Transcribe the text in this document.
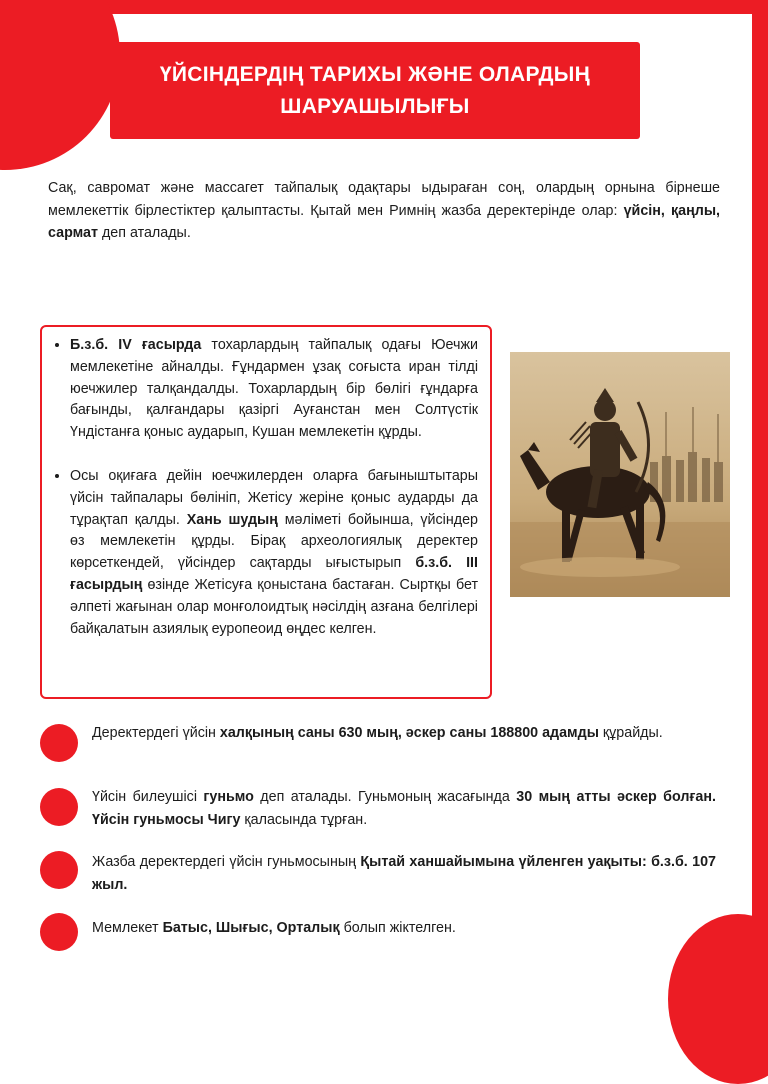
ҮЙСІНДЕРДІҢ ТАРИХЫ ЖӘНЕ ОЛАРДЫҢ
ШАРУАШЫЛЫҒЫ

Сақ, савромат және массагет тайпалық одақтары ыдыраған соң, олардың орнына бірнеше мемлекеттік бірлестіктер қалыптасты. Қытай мен Римнің жазба деректерінде олар: үйсін, қаңлы, сармат деп аталады.

• Б.з.б. IV ғасырда тохарлардың тайпалық одағы Юечжи мемлекетіне айналды. Ғұндармен ұзақ соғыста иран тілді юечжилер талқандалды. Тохарлардың бір бөлігі ғұндарға бағынды, қалғандары қазіргі Ауғанстан мен Солтүстік Үндістанға қоныс аударып, Кушан мемлекетін құрды.
• Осы оқиғаға дейін юечжилерден оларға бағыныштытары үйсін тайпалары бөлініп, Жетісу жеріне қоныс аударды да тұрақтап қалды. Хань шудың мәліметі бойынша, үйсіндер өз мемлекетін құрды. Бірақ археологиялық деректер көрсеткендей, үйсіндер сақтарды ығыстырып б.з.б. III ғасырдың өзінде Жетісуға қоныстана бастаған. Сыртқы бет әлпеті жағынан олар монғолоидтық нәсілдің азғана белгілері байқалатын азиялық еуропеоид өңдес келген.

Деректердегі үйсін халқының саны 630 мың, әскер саны 188800 адамды құрайды.

Үйсін билеушісі гуньмо деп аталады. Гуньмоның жасағында 30 мың атты әскер болған. Үйсін гуньмосы Чигу қаласында тұрған.

Жазба деректердегі үйсін гуньмосының Қытай ханшайымына үйленген уақыты: б.з.б. 107 жыл.

Мемлекет Батыс, Шығыс, Орталық болып жіктелген.
